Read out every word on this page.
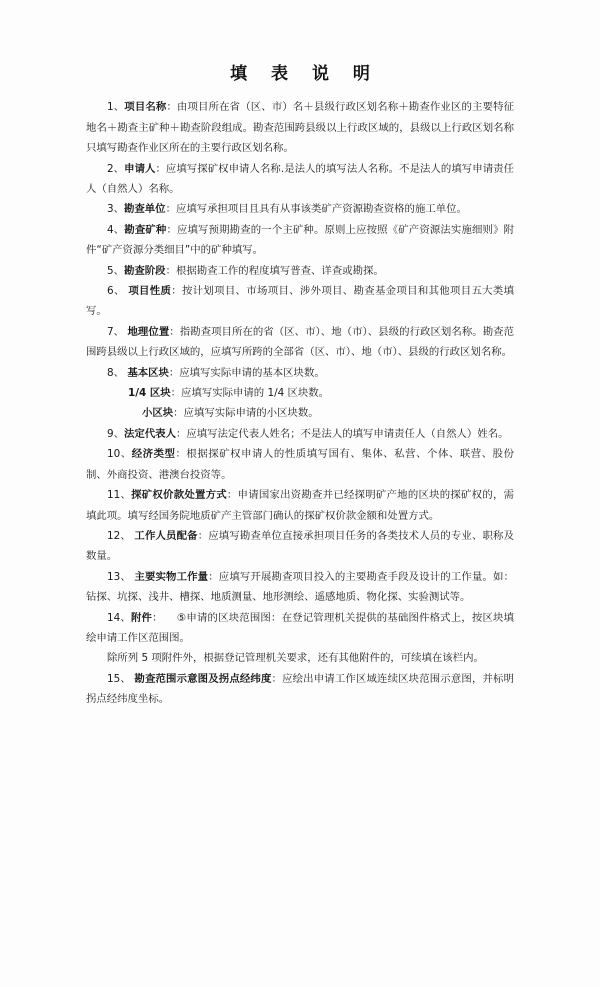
填 表 说 明

1、项目名称：由项目所在省（区、市）名＋县级行政区划名称＋勘查作业区的主要特征地名＋勘查主矿种＋勘查阶段组成。勘查范围跨县级以上行政区域的，县级以上行政区划名称只填写勘查作业区所在的主要行政区划名称。

2、申请人：应填写探矿权申请人名称.是法人的填写法人名称。不是法人的填写申请责任人（自然人）名称。

3、勘查单位：应填写承担项目且具有从事该类矿产资源勘查资格的施工单位。

4、勘查矿种：应填写预期勘查的一个主矿种。原则上应按照《矿产资源法实施细则》附件“矿产资源分类细目”中的矿种填写。

5、勘查阶段：根据勘查工作的程度填写普查、详查或勘探。

6、 项目性质：按计划项目、市场项目、涉外项目、勘查基金项目和其他项目五大类填写。

7、 地理位置：指勘查项目所在的省（区、市）、地（市）、县级的行政区划名称。勘查范围跨县级以上行政区域的，应填写所跨的全部省（区、市）、地（市）、县级的行政区划名称。

8、 基本区块：应填写实际申请的基本区块数。

1/4 区块：应填写实际申请的 1/4 区块数。

小区块：应填写实际申请的小区块数。

9、法定代表人：应填写法定代表人姓名；不是法人的填写申请责任人（自然人）姓名。

10、经济类型：根据探矿权申请人的性质填写国有、集体、私营、个体、联营、股份制、外商投资、港澳台投资等。

11、探矿权价款处置方式：申请国家出资勘查并已经探明矿产地的区块的探矿权的，需填此项。填写经国务院地质矿产主管部门确认的探矿权价款金额和处置方式。

12、 工作人员配备：应填写勘查单位直接承担项目任务的各类技术人员的专业、职称及数量。

13、 主要实物工作量：应填写开展勘查项目投入的主要勘查手段及设计的工作量。如：钻探、坑探、浅井、槽探、地质测量、地形测绘、遥感地质、物化探、实验测试等。

14、附件： ⑤申请的区块范围图：在登记管理机关提供的基础图件格式上，按区块填绘申请工作区范围图。

除所列 5 项附件外，根据登记管理机关要求，还有其他附件的，可续填在该栏内。

15、 勘查范围示意图及拐点经纬度：应绘出申请工作区域连续区块范围示意图，并标明拐点经纬度坐标。
